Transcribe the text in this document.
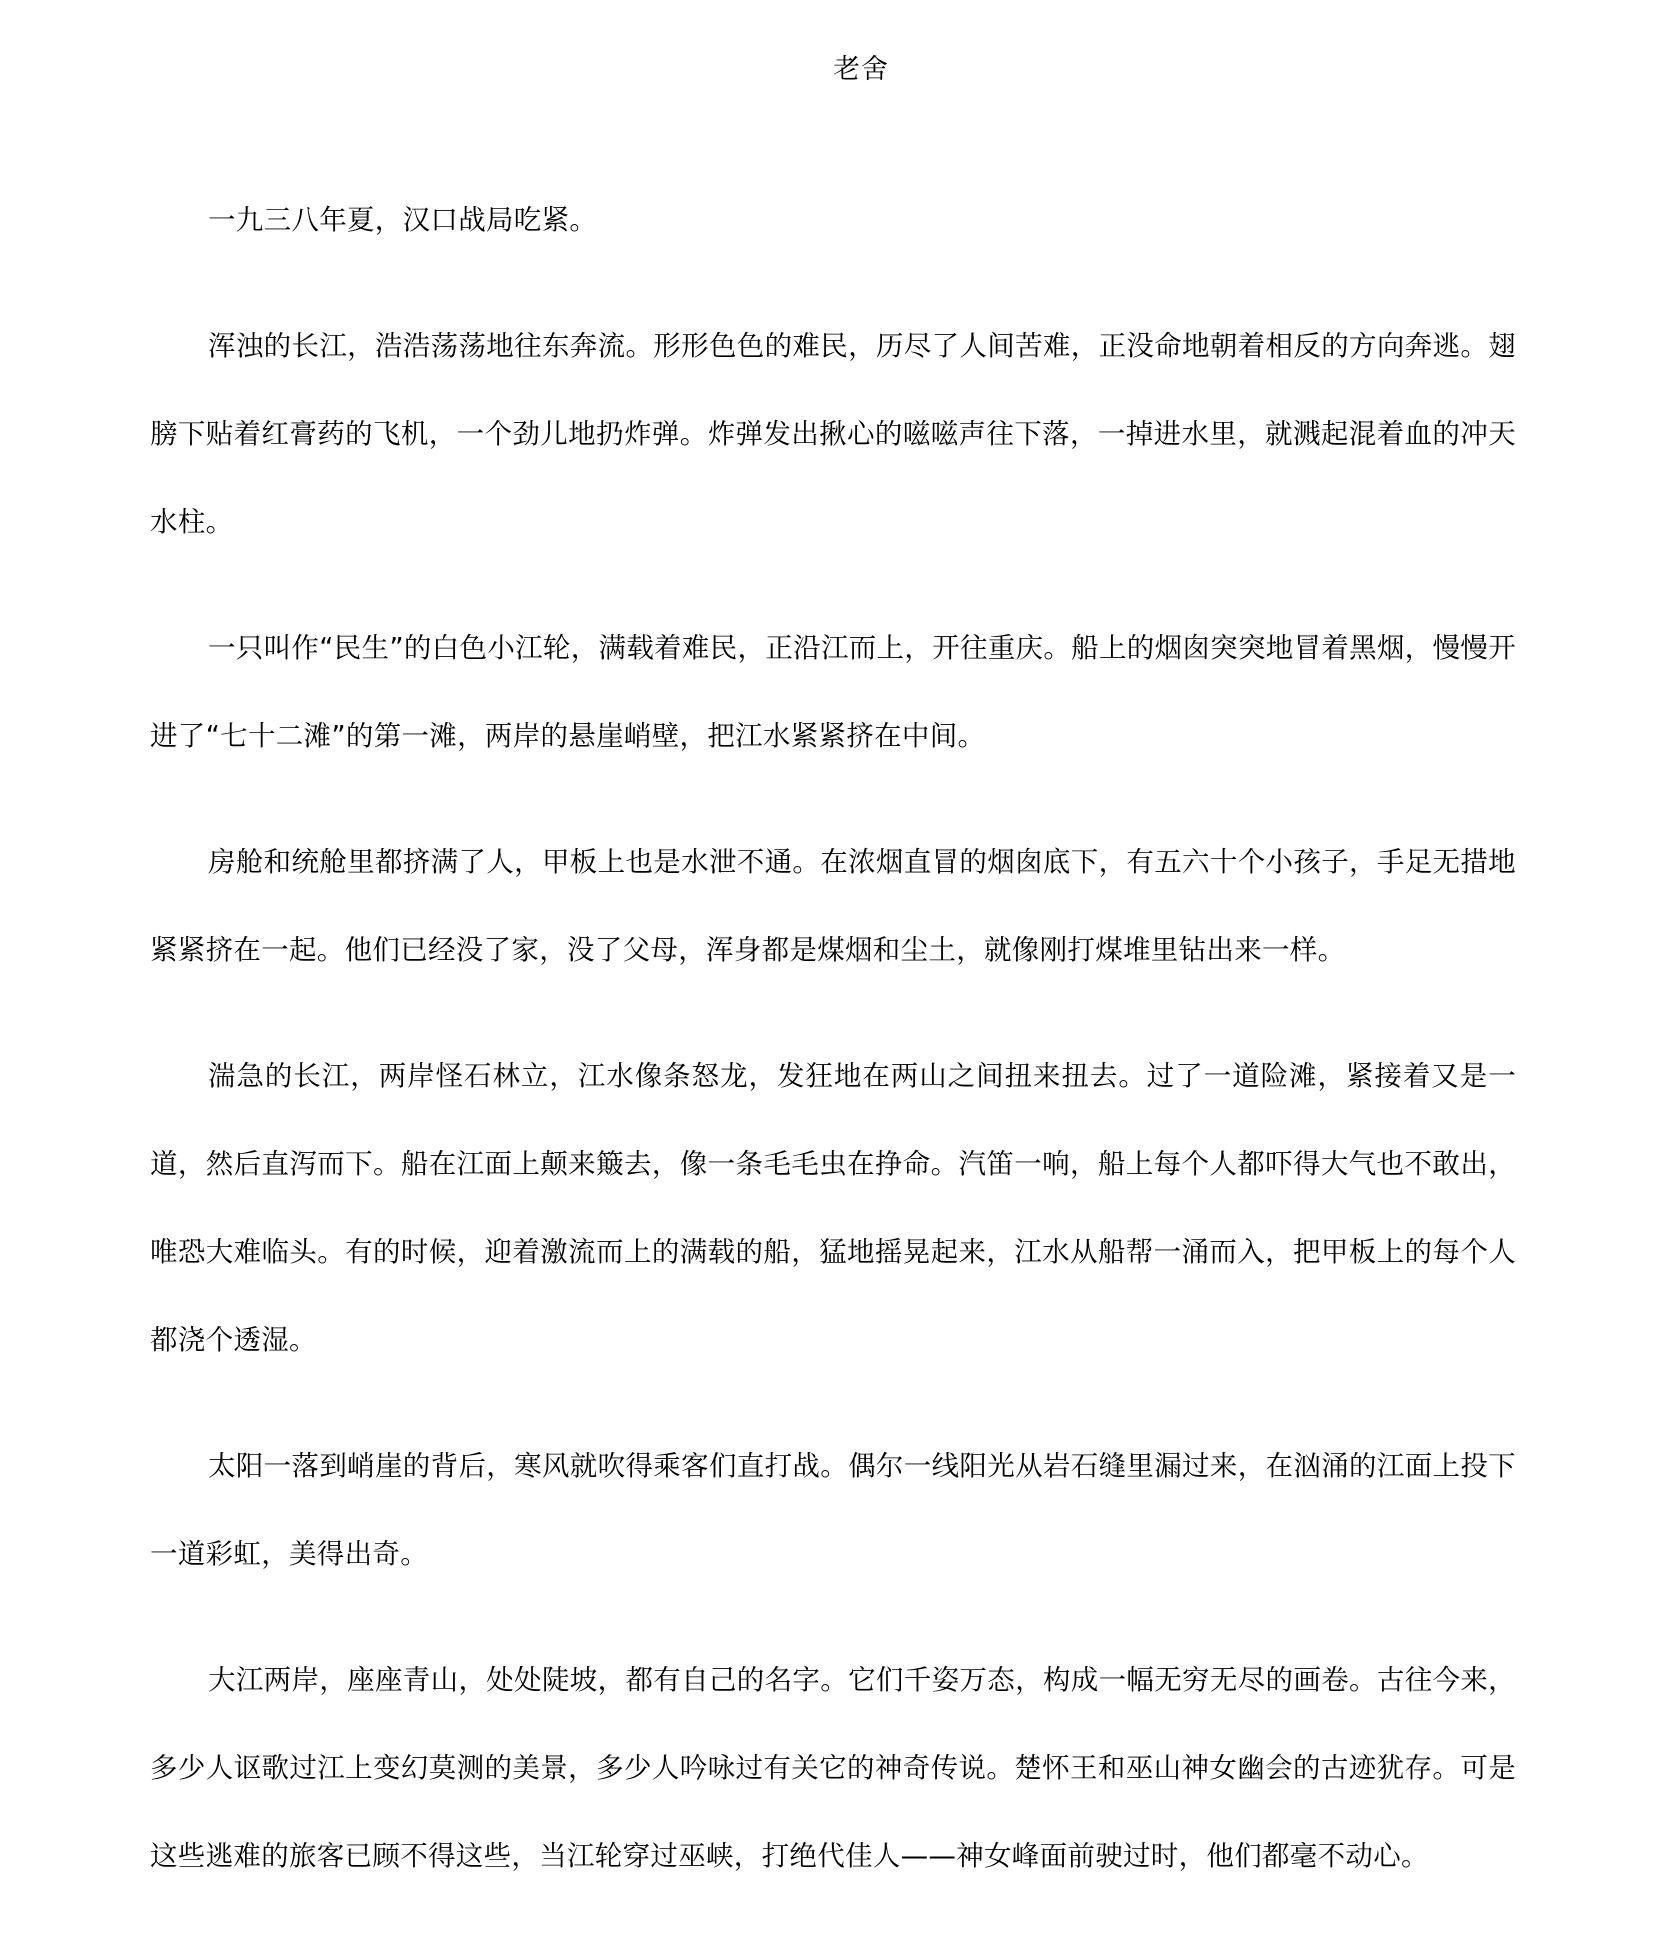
老舍

一九三八年夏，汉口战局吃紧。

浑浊的长江，浩浩荡荡地往东奔流。形形色色的难民，历尽了人间苦难，正没命地朝着相反的方向奔逃。翅膀下贴着红膏药的飞机，一个劲儿地扔炸弹。炸弹发出揪心的嗞嗞声往下落，一掉进水里，就溅起混着血的冲天水柱。

一只叫作“民生”的白色小江轮，满载着难民，正沿江而上，开往重庆。船上的烟囱突突地冒着黑烟，慢慢开进了“七十二滩”的第一滩，两岸的悬崖峭壁，把江水紧紧挤在中间。

房舱和统舱里都挤满了人，甲板上也是水泄不通。在浓烟直冒的烟囱底下，有五六十个小孩子，手足无措地紧紧挤在一起。他们已经没了家，没了父母，浑身都是煤烟和尘土，就像刚打煤堆里钻出来一样。

湍急的长江，两岸怪石林立，江水像条怒龙，发狂地在两山之间扭来扭去。过了一道险滩，紧接着又是一道，然后直泻而下。船在江面上颠来簸去，像一条毛毛虫在挣命。汽笛一响，船上每个人都吓得大气也不敢出，唯恐大难临头。有的时候，迎着激流而上的满载的船，猛地摇晃起来，江水从船帮一涌而入，把甲板上的每个人都浇个透湿。

太阳一落到峭崖的背后，寒风就吹得乘客们直打战。偶尔一线阳光从岩石缝里漏过来，在汹涌的江面上投下一道彩虹，美得出奇。

大江两岸，座座青山，处处陡坡，都有自己的名字。它们千姿万态，构成一幅无穷无尽的画卷。古往今来，多少人讴歌过江上变幻莫测的美景，多少人吟咏过有关它的神奇传说。楚怀王和巫山神女幽会的古迹犹存。可是这些逃难的旅客已顾不得这些，当江轮穿过巫峡，打绝代佳人——神女峰面前驶过时，他们都毫不动心。
